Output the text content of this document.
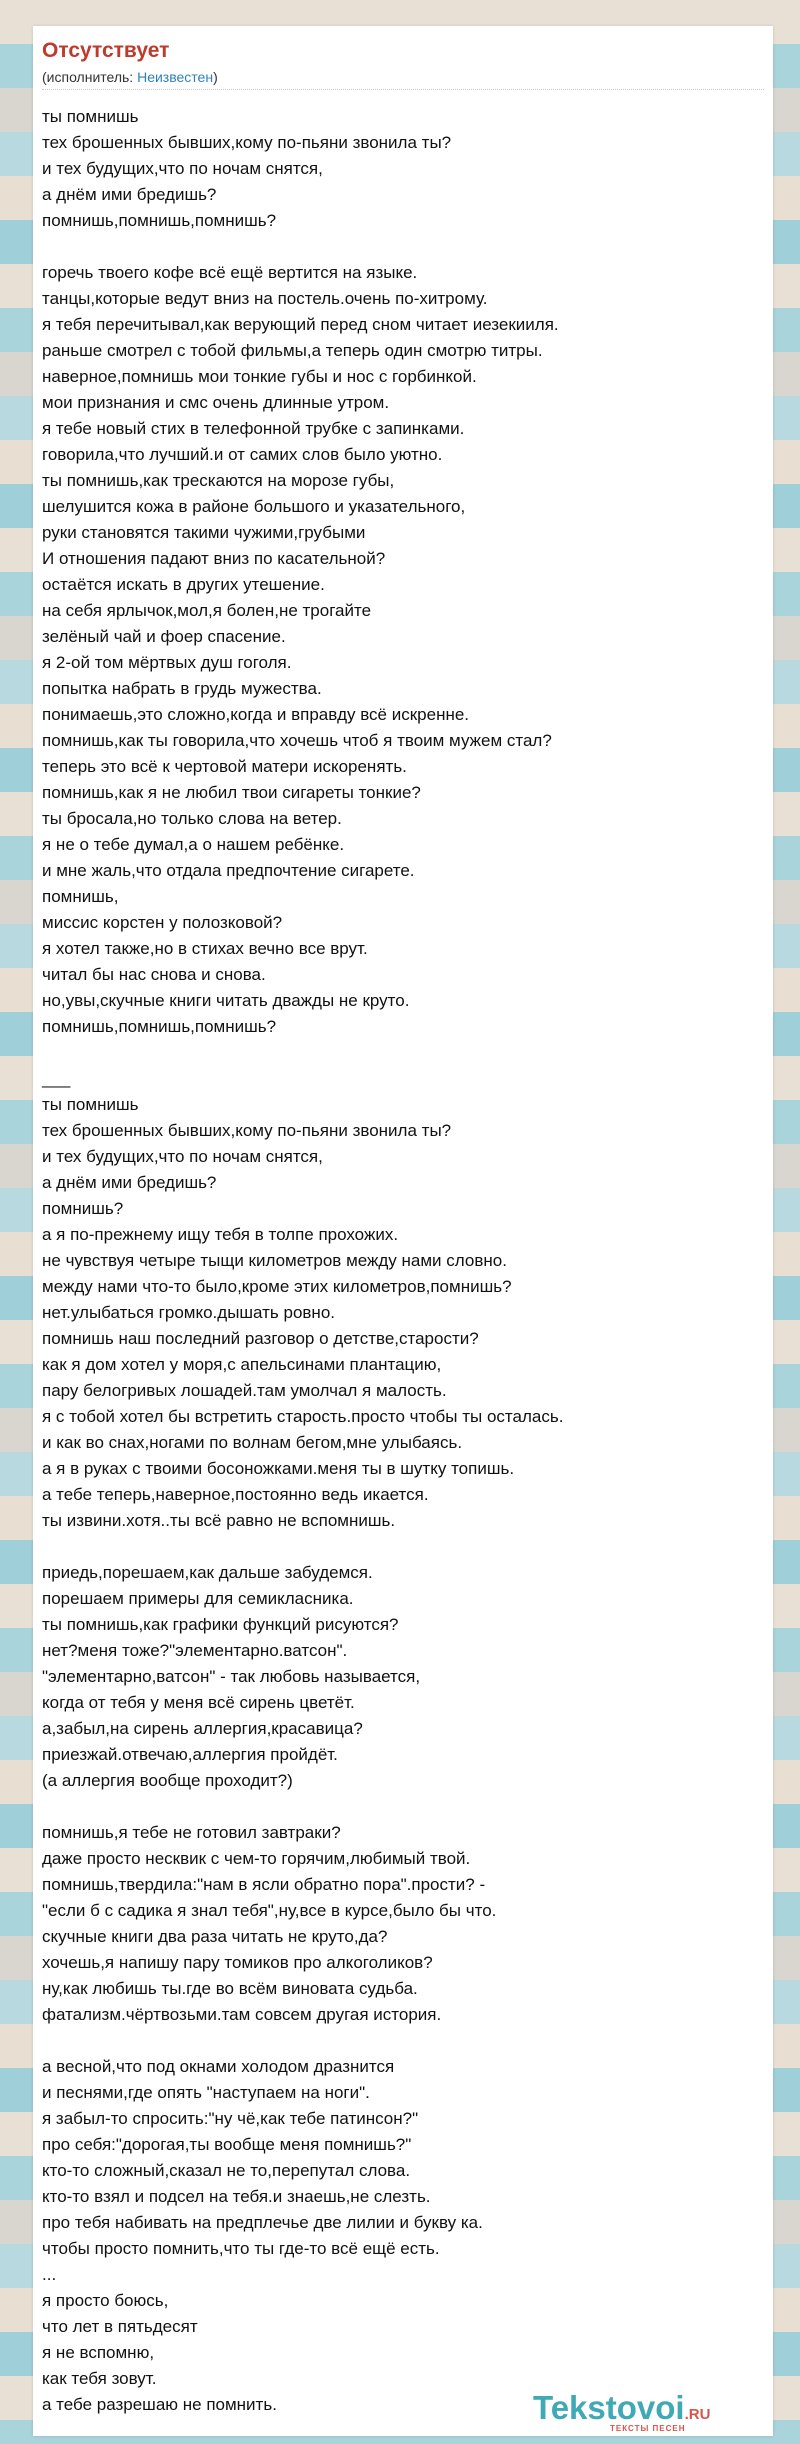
Отсутствует
(исполнитель: Неизвестен)
ты помнишь
тех брошенных бывших,кому по-пьяни звонила ты?
и тех будущих,что по ночам снятся,
а днём ими бредишь?
помнишь,помнишь,помнишь?
горечь твоего кофе всё ещё вертится на языке.
танцы,которые ведут вниз на постель.очень по-хитрому.
я тебя перечитывал,как верующий перед сном читает иезекииля.
раньше смотрел с тобой фильмы,а теперь один смотрю титры.
наверное,помнишь мои тонкие губы и нос с горбинкой.
мои признания и смс очень длинные утром.
я тебе новый стих в телефонной трубке с запинками.
говорила,что лучший.и от самих слов было уютно.
ты помнишь,как трескаются на морозе губы,
шелушится кожа в районе большого и указательного,
руки становятся такими чужими,грубыми
И отношения падают вниз по касательной?
остаётся искать в других утешение.
на себя ярлычок,мол,я болен,не трогайте
зелёный чай и фоер спасение.
я 2-ой том мёртвых душ гоголя.
попытка набрать в грудь мужества.
понимаешь,это сложно,когда и вправду всё искренне.
помнишь,как ты говорила,что хочешь чтоб я твоим мужем стал?
теперь это всё к чертовой матери искоренять.
помнишь,как я не любил твои сигареты тонкие?
ты бросала,но только слова на ветер.
я не о тебе думал,а о нашем ребёнке.
и мне жаль,что отдала предпочтение сигарете.
помнишь,
миссис корстен у полозковой?
я хотел также,но в стихах вечно все врут.
читал бы нас снова и снова.
но,увы,скучные книги читать дважды не круто.
помнишь,помнишь,помнишь?
___
ты помнишь
тех брошенных бывших,кому по-пьяни звонила ты?
и тех будущих,что по ночам снятся,
а днём ими бредишь?
помнишь?
а я по-прежнему ищу тебя в толпе прохожих.
не чувствуя четыре тыщи километров между нами словно.
между нами что-то было,кроме этих километров,помнишь?
нет.улыбаться громко.дышать ровно.
помнишь наш последний разговор о детстве,старости?
как я дом хотел у моря,с апельсинами плантацию,
пару белогривых лошадей.там умолчал я малость.
я с тобой хотел бы встретить старость.просто чтобы ты осталась.
и как во снах,ногами по волнам бегом,мне улыбаясь.
а я в руках с твоими босоножками.меня ты в шутку топишь.
а тебе теперь,наверное,постоянно ведь икается.
ты извини.хотя..ты всё равно не вспомнишь.
приедь,порешаем,как дальше забудемся.
порешаем примеры для семикласника.
ты помнишь,как графики функций рисуются?
нет?меня тоже?"элементарно.ватсон".
"элементарно,ватсон" - так любовь называется,
когда от тебя у меня всё сирень цветёт.
а,забыл,на сирень аллергия,красавица?
приезжай.отвечаю,аллергия пройдёт.
(а аллергия вообще проходит?)
помнишь,я тебе не готовил завтраки?
даже просто несквик с чем-то горячим,любимый твой.
помнишь,твердила:"нам в ясли обратно пора".прости? -
"если б с садика я знал тебя",ну,все в курсе,было бы что.
скучные книги два раза читать не круто,да?
хочешь,я напишу пару томиков про алкоголиков?
ну,как любишь ты.где во всём виновата судьба.
фатализм.чёртвозьми.там совсем другая история.
а весной,что под окнами холодом дразнится
и песнями,где опять "наступаем на ноги".
я забыл-то спросить:"ну чё,как тебе патинсон?"
про себя:"дорогая,ты вообще меня помнишь?"
кто-то сложный,сказал не то,перепутал слова.
кто-то взял и подсел на тебя.и знаешь,не слезть.
про тебя набивать на предплечье две лилии и букву ка.
чтобы просто помнить,что ты где-то всё ещё есть.
...
я просто боюсь,
что лет в пятьдесят
я не вспомню,
как тебя зовут.
а тебе разрешаю не помнить.	Tekstovoi.RU
ТЕКСТЫ ПЕСЕН
